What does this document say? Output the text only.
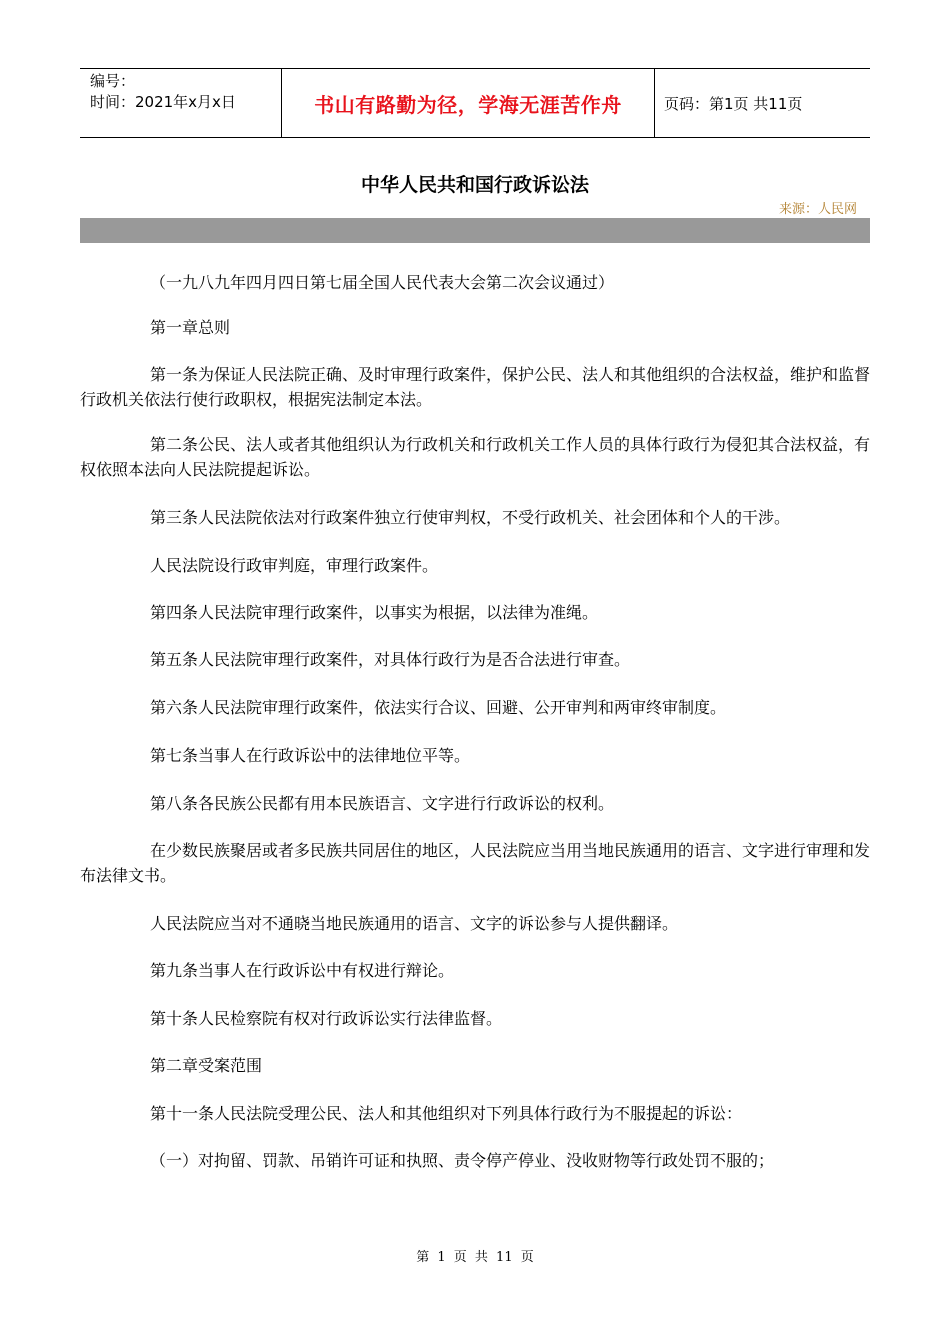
编号：
时间：2021年x月x日	书山有路勤为径，学海无涯苦作舟	页码：第1页 共11页
中华人民共和国行政诉讼法
来源：人民网

（一九八九年四月四日第七届全国人民代表大会第二次会议通过）

第一章总则

第一条为保证人民法院正确、及时审理行政案件，保护公民、法人和其他组织的合法权益，维护和监督行政机关依法行使行政职权，根据宪法制定本法。

第二条公民、法人或者其他组织认为行政机关和行政机关工作人员的具体行政行为侵犯其合法权益，有权依照本法向人民法院提起诉讼。

第三条人民法院依法对行政案件独立行使审判权，不受行政机关、社会团体和个人的干涉。

人民法院设行政审判庭，审理行政案件。

第四条人民法院审理行政案件，以事实为根据，以法律为准绳。

第五条人民法院审理行政案件，对具体行政行为是否合法进行审查。

第六条人民法院审理行政案件，依法实行合议、回避、公开审判和两审终审制度。

第七条当事人在行政诉讼中的法律地位平等。

第八条各民族公民都有用本民族语言、文字进行行政诉讼的权利。

在少数民族聚居或者多民族共同居住的地区，人民法院应当用当地民族通用的语言、文字进行审理和发布法律文书。

人民法院应当对不通晓当地民族通用的语言、文字的诉讼参与人提供翻译。

第九条当事人在行政诉讼中有权进行辩论。

第十条人民检察院有权对行政诉讼实行法律监督。

第二章受案范围

第十一条人民法院受理公民、法人和其他组织对下列具体行政行为不服提起的诉讼：

（一）对拘留、罚款、吊销许可证和执照、责令停产停业、没收财物等行政处罚不服的；

第 1 页 共 11 页
